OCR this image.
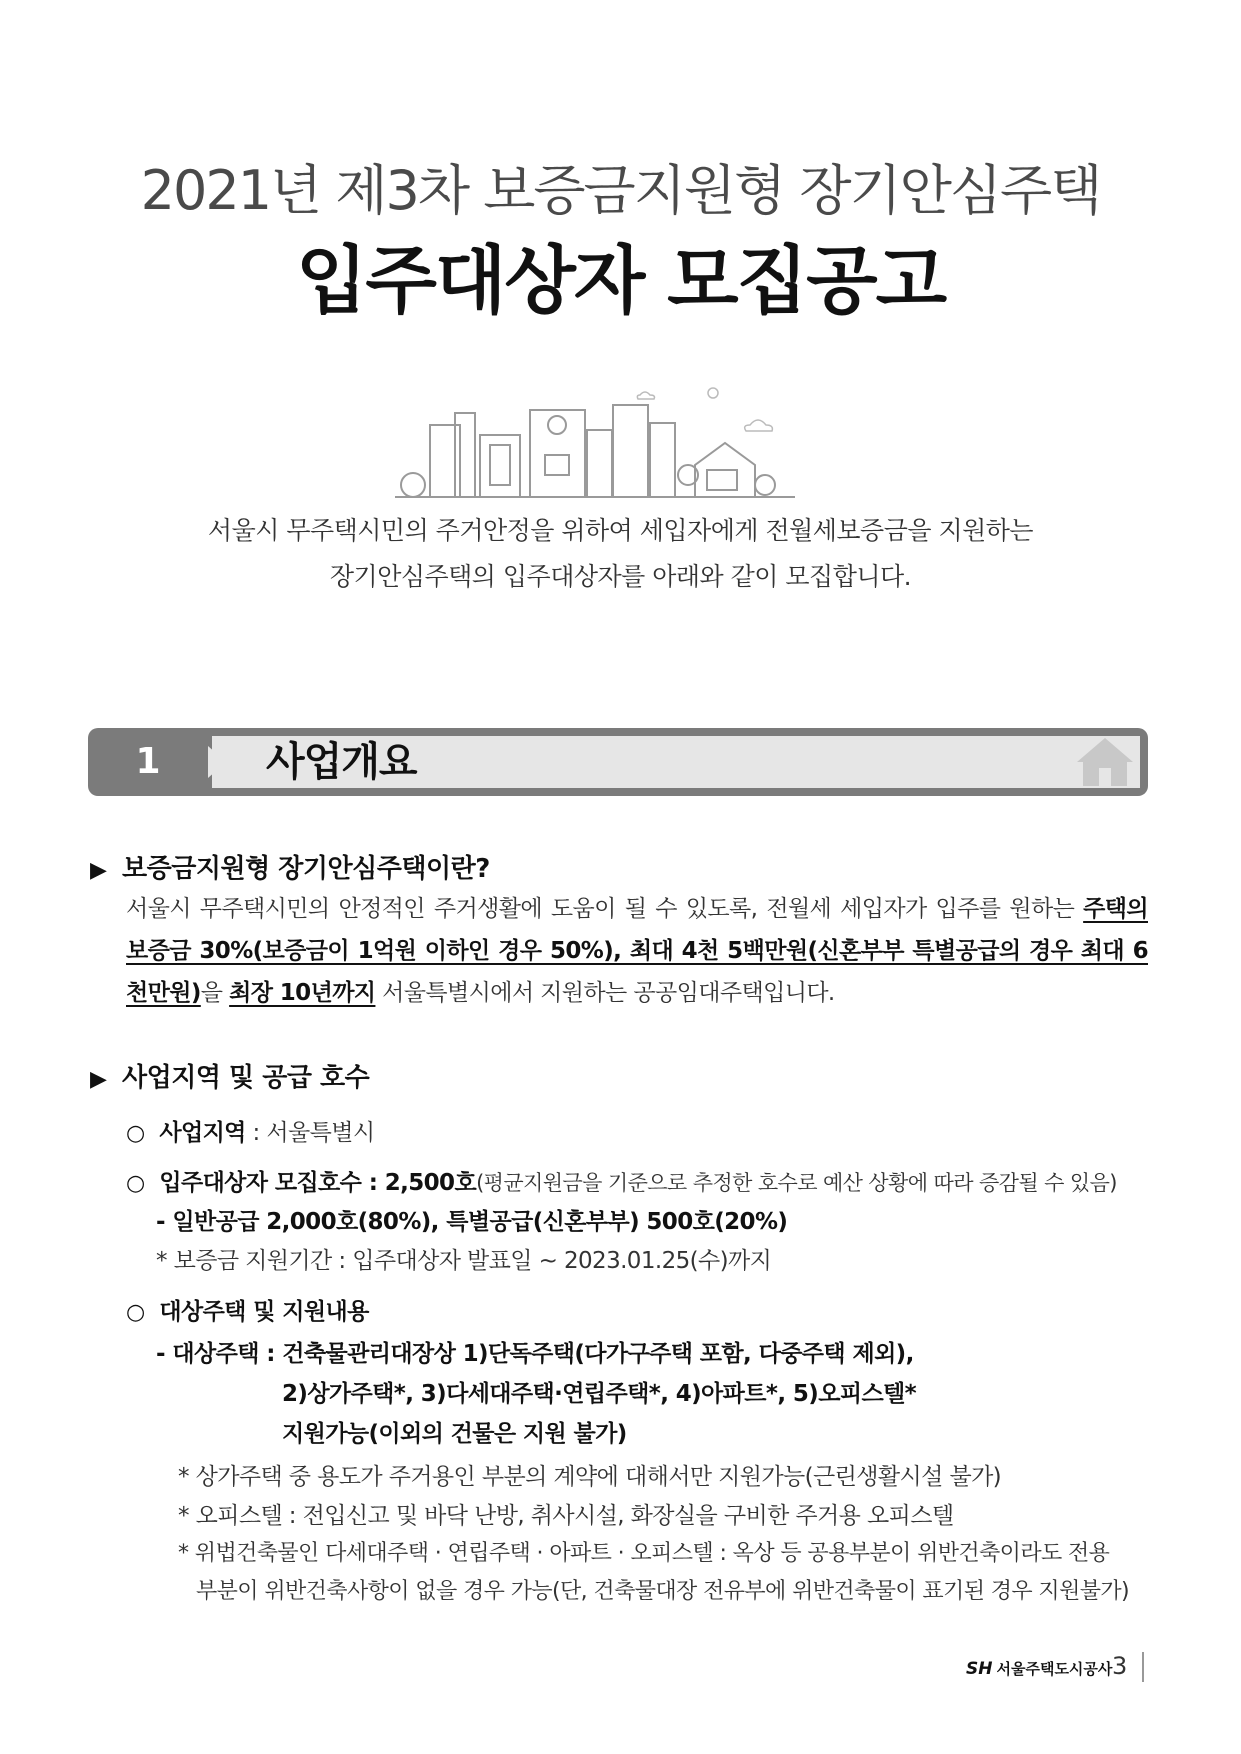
2021년 제3차 보증금지원형 장기안심주택
입주대상자 모집공고
서울시 무주택시민의 주거안정을 위하여 세입자에게 전월세보증금을 지원하는
장기안심주택의 입주대상자를 아래와 같이 모집합니다.
1	사업개요
▶ 보증금지원형 장기안심주택이란?
서울시 무주택시민의 안정적인 주거생활에 도움이 될 수 있도록, 전월세 세입자가 입주를 원하는 주택의 보증금 30%(보증금이 1억원 이하인 경우 50%), 최대 4천 5백만원(신혼부부 특별공급의 경우 최대 6천만원)을 최장 10년까지 서울특별시에서 지원하는 공공임대주택입니다.
▶ 사업지역 및 공급 호수
○ 사업지역 : 서울특별시
○ 입주대상자 모집호수 : 2,500호(평균지원금을 기준으로 추정한 호수로 예산 상황에 따라 증감될 수 있음)
- 일반공급 2,000호(80%), 특별공급(신혼부부) 500호(20%)
* 보증금 지원기간 : 입주대상자 발표일 ~ 2023.01.25(수)까지
○ 대상주택 및 지원내용
- 대상주택 : 건축물관리대장상 1)단독주택(다가구주택 포함, 다중주택 제외),
2)상가주택*, 3)다세대주택·연립주택*, 4)아파트*, 5)오피스텔*
지원가능(이외의 건물은 지원 불가)
* 상가주택 중 용도가 주거용인 부분의 계약에 대해서만 지원가능(근린생활시설 불가)
* 오피스텔 : 전입신고 및 바닥 난방, 취사시설, 화장실을 구비한 주거용 오피스텔
* 위법건축물인 다세대주택 · 연립주택 · 아파트 · 오피스텔 : 옥상 등 공용부분이 위반건축이라도 전용
부분이 위반건축사항이 없을 경우 가능(단, 건축물대장 전유부에 위반건축물이 표기된 경우 지원불가)
SH 서울주택도시공사 3
